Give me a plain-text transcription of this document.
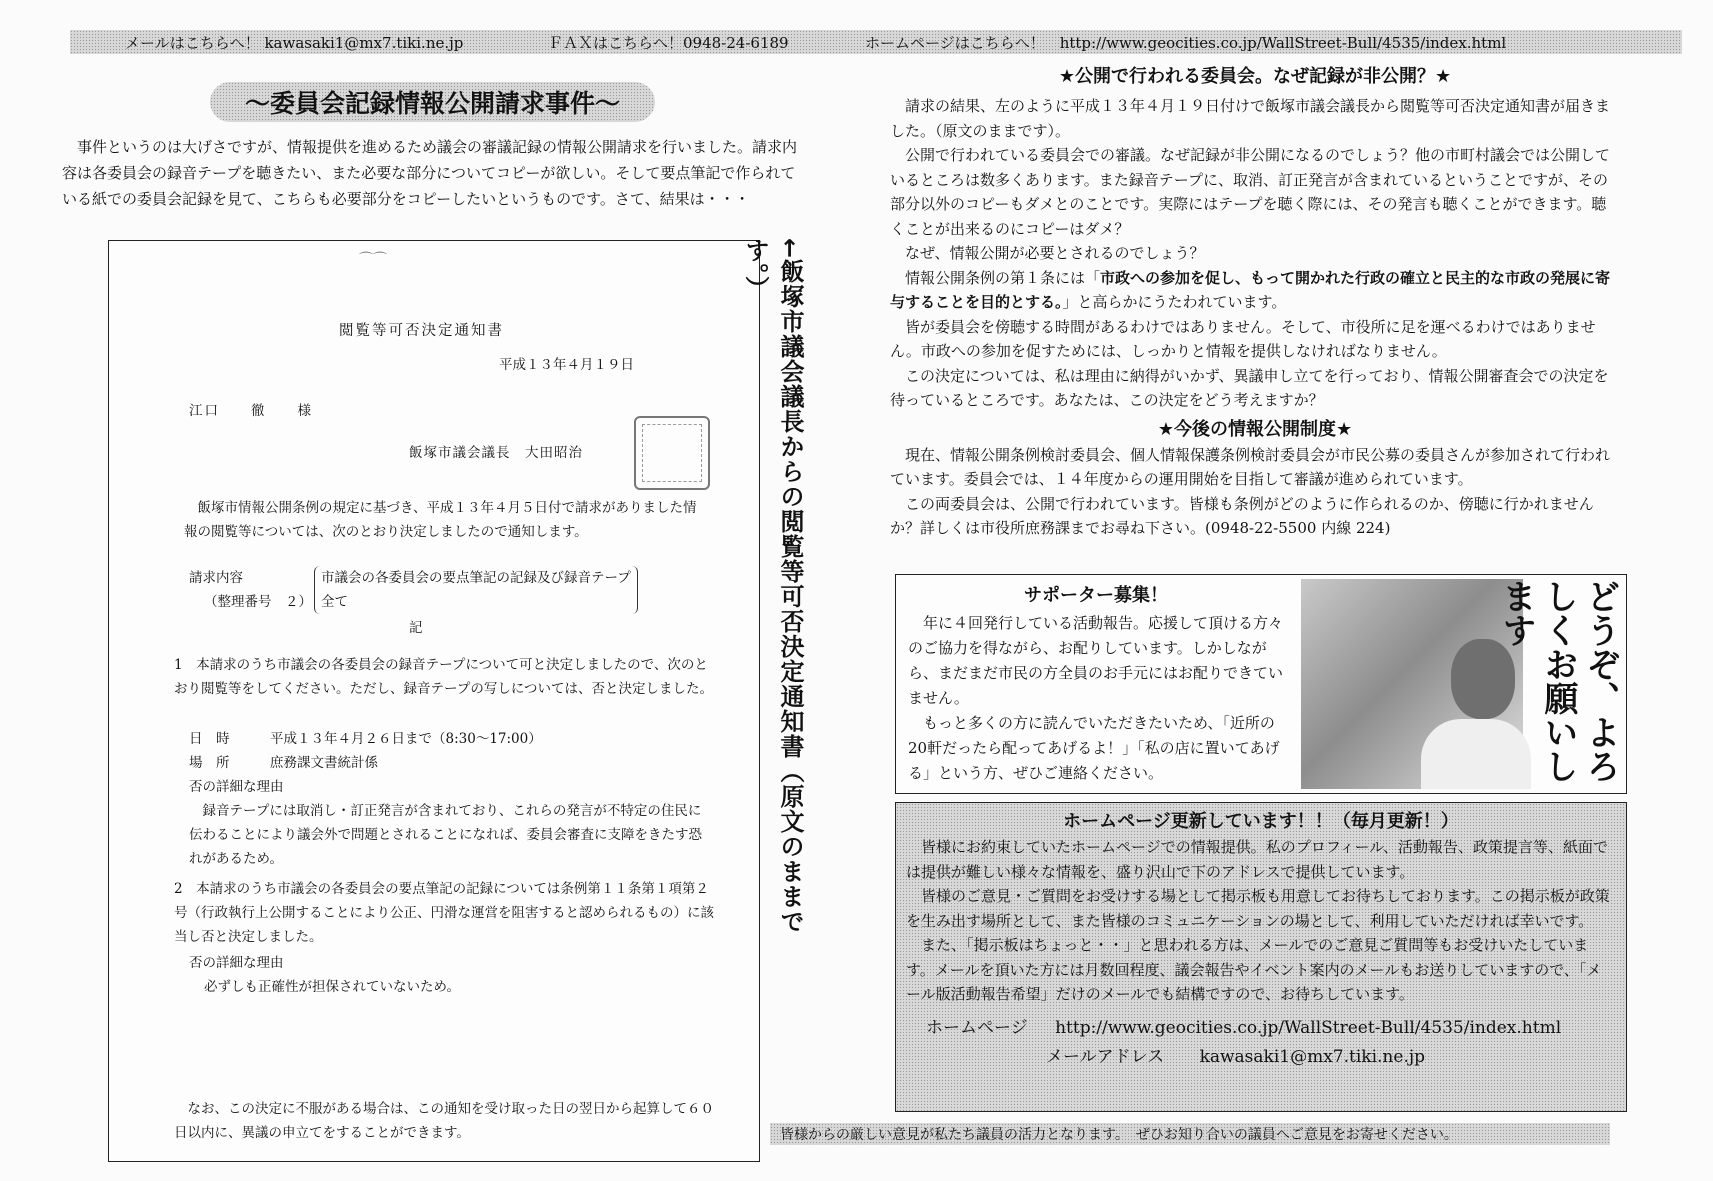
メールはこちらへ！ kawasaki1@mx7.tiki.ne.jp	ＦＡＸはこちらへ！0948-24-6189	ホームページはこちらへ！　http://www.geocities.co.jp/WallStreet-Bull/4535/index.html
〜委員会記録情報公開請求事件〜

事件というのは大げさですが、情報提供を進めるため議会の審議記録の情報公開請求を行いました。請求内容は各委員会の録音テープを聴きたい、また必要な部分についてコピーが欲しい。そして要点筆記で作られている紙での委員会記録を見て、こちらも必要部分をコピーしたいというものです。さて、結果は・・・

⌒⌒
閲覧等可否決定通知書
平成１３年４月１９日
江口　　徹　　様
飯塚市議会議長　大田昭治
飯塚市情報公開条例の規定に基づき、平成１３年４月５日付で請求がありました情報の閲覧等については、次のとおり決定しましたので通知します。
請求内容
（整理番号　２）
市議会の各委員会の要点筆記の記録及び録音テープ全て
記
1　本請求のうち市議会の各委員会の録音テープについて可と決定しましたので、次のとおり閲覧等をしてください。ただし、録音テープの写しについては、否と決定しました。
日　時　　　平成１３年４月２６日まで（8:30〜17:00）
場　所　　　庶務課文書統計係
否の詳細な理由
録音テープには取消し・訂正発言が含まれており、これらの発言が不特定の住民に伝わることにより議会外で問題とされることになれば、委員会審査に支障をきたす恐れがあるため。
2　本請求のうち市議会の各委員会の要点筆記の記録については条例第１１条第１項第２号（行政執行上公開することにより公正、円滑な運営を阻害すると認められるもの）に該当し否と決定しました。
否の詳細な理由
必ずしも正確性が担保されていないため。
なお、この決定に不服がある場合は、この通知を受け取った日の翌日から起算して６０日以内に、異議の申立てをすることができます。
←飯塚市議会議長からの閲覧等可否決定通知書（原文のままです。）
★公開で行われる委員会。なぜ記録が非公開？★

請求の結果、左のように平成１３年４月１９日付けで飯塚市議会議長から閲覧等可否決定通知書が届きました。（原文のままです）。

公開で行われている委員会での審議。なぜ記録が非公開になるのでしょう？他の市町村議会では公開しているところは数多くあります。また録音テープに、取消、訂正発言が含まれているということですが、その部分以外のコピーもダメとのことです。実際にはテープを聴く際には、その発言も聴くことができます。聴くことが出来るのにコピーはダメ？

なぜ、情報公開が必要とされるのでしょう？

情報公開条例の第１条には「市政への参加を促し、もって開かれた行政の確立と民主的な市政の発展に寄与することを目的とする。」と高らかにうたわれています。

皆が委員会を傍聴する時間があるわけではありません。そして、市役所に足を運べるわけではありません。市政への参加を促すためには、しっかりと情報を提供しなければなりません。

この決定については、私は理由に納得がいかず、異議申し立てを行っており、情報公開審査会での決定を待っているところです。あなたは、この決定をどう考えますか？

★今後の情報公開制度★

現在、情報公開条例検討委員会、個人情報保護条例検討委員会が市民公募の委員さんが参加されて行われています。委員会では、１４年度からの運用開始を目指して審議が進められています。

この両委員会は、公開で行われています。皆様も条例がどのように作られるのか、傍聴に行かれませんか？詳しくは市役所庶務課までお尋ね下さい。(0948-22-5500 内線 224)

サポーター募集！

年に４回発行している活動報告。応援して頂ける方々のご協力を得ながら、お配りしています。しかしながら、まだまだ市民の方全員のお手元にはお配りできていません。

もっと多くの方に読んでいただきたいため、「近所の20軒だったら配ってあげるよ！」「私の店に置いてあげる」という方、ぜひご連絡ください。	どうぞ、よろしくお願いします
ホームページ更新しています！！（毎月更新！）

皆様にお約束していたホームページでの情報提供。私のプロフィール、活動報告、政策提言等、紙面では提供が難しい様々な情報を、盛り沢山で下のアドレスで提供しています。

皆様のご意見・ご質問をお受けする場として掲示板も用意してお待ちしております。この掲示板が政策を生み出す場所として、また皆様のコミュニケーションの場として、利用していただければ幸いです。

また、「掲示板はちょっと・・」と思われる方は、メールでのご意見ご質問等もお受けいたしています。メールを頂いた方には月数回程度、議会報告やイベント案内のメールもお送りしていますので、「メール版活動報告希望」だけのメールでも結構ですので、お待ちしています。

ホームページ http://www.geocities.co.jp/WallStreet-Bull/4535/index.html
メールアドレス kawasaki1@mx7.tiki.ne.jp
皆様からの厳しい意見が私たち議員の活力となります。　ぜひお知り合いの議員へご意見をお寄せください。
